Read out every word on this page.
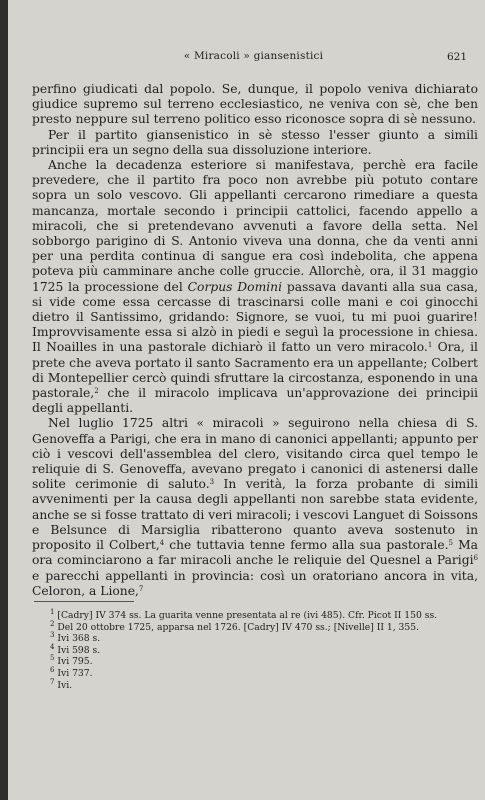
« Miracoli » giansenistici	621

perfino giudicati dal popolo. Se, dunque, il popolo veniva dichiarato giudice supremo sul terreno ecclesiastico, ne veniva con sè, che ben presto neppure sul terreno politico esso riconosce sopra di sè nessuno.

Per il partito giansenistico in sè stesso l'esser giunto a simili principii era un segno della sua dissoluzione interiore.

Anche la decadenza esteriore si manifestava, perchè era facile prevedere, che il partito fra poco non avrebbe più potuto contare sopra un solo vescovo. Gli appellanti cercarono rimediare a questa mancanza, mortale secondo i principii cattolici, facendo appello a miracoli, che si pretendevano avvenuti a favore della setta. Nel sobborgo parigino di S. Antonio viveva una donna, che da venti anni per una perdita continua di sangue era così indebolita, che appena poteva più camminare anche colle gruccie. Allorchè, ora, il 31 maggio 1725 la processione del Corpus Domini passava davanti alla sua casa, si vide come essa cercasse di trascinarsi colle mani e coi ginocchi dietro il Santissimo, gridando: Signore, se vuoi, tu mi puoi guarire! Improvvisamente essa si alzò in piedi e seguì la processione in chiesa. Il Noailles in una pastorale dichiarò il fatto un vero miracolo.$^1$ Ora, il prete che aveva portato il santo Sacramento era un appellante; Colbert di Montepellier cercò quindi sfruttare la circostanza, esponendo in una pastorale,$^2$ che il miracolo implicava un'approvazione dei principii degli appellanti.

Nel luglio 1725 altri « miracoli » seguirono nella chiesa di S. Genoveffa a Parigi, che era in mano di canonici appellanti; appunto per ciò i vescovi dell'assemblea del clero, visitando circa quel tempo le reliquie di S. Genoveffa, avevano pregato i canonici di astenersi dalle solite cerimonie di saluto.$^3$ In verità, la forza probante di simili avvenimenti per la causa degli appellanti non sarebbe stata evidente, anche se si fosse trattato di veri miracoli; i vescovi Languet di Soissons e Belsunce di Marsiglia ribatterono quanto aveva sostenuto in proposito il Colbert,$^4$ che tuttavia tenne fermo alla sua pastorale.$^5$ Ma ora cominciarono a far miracoli anche le reliquie del Quesnel a Parigi$^6$ e parecchi appellanti in provincia: così un oratoriano ancora in vita, Celoron, a Lione,$^7$

$^1$ [Cadry] IV 374 ss. La guarita venne presentata al re (ivi 485). Cfr. Picot II 150 ss.

$^2$ Del 20 ottobre 1725, apparsa nel 1726. [Cadry] IV 470 ss.; [Nivelle] II 1, 355.

$^3$ Ivi 368 s.

$^4$ Ivi 598 s.

$^5$ Ivi 795.

$^6$ Ivi 737.

$^7$ Ivi.
